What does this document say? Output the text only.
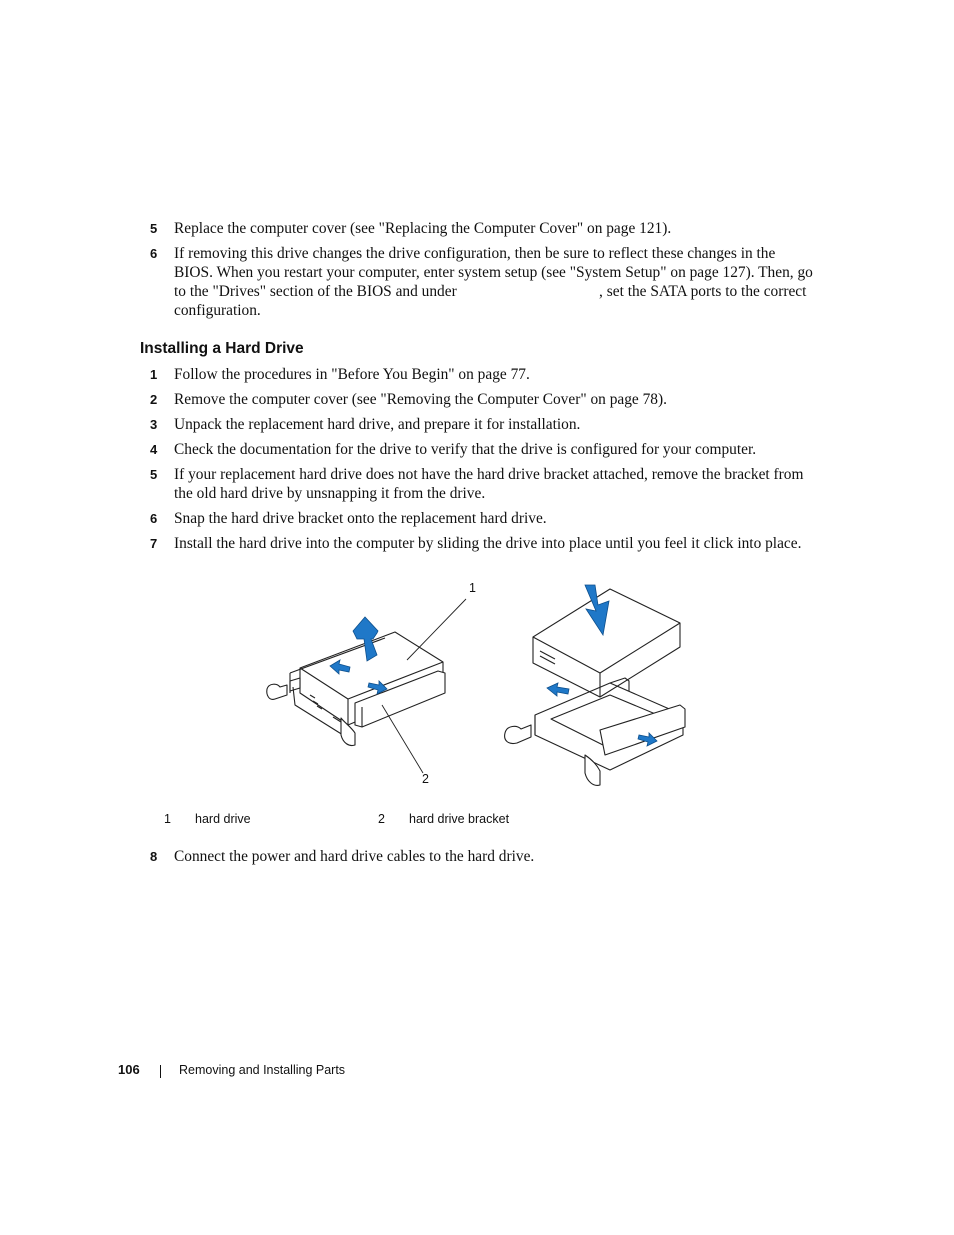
5 Replace the computer cover (see "Replacing the Computer Cover" on page 121).
6 If removing this drive changes the drive configuration, then be sure to reflect these changes in the BIOS. When you restart your computer, enter system setup (see "System Setup" on page 127). Then, go to the "Drives" section of the BIOS and under                                     , set the SATA ports to the correct configuration.
Installing a Hard Drive
1 Follow the procedures in "Before You Begin" on page 77.
2 Remove the computer cover (see "Removing the Computer Cover" on page 78).
3 Unpack the replacement hard drive, and prepare it for installation.
4 Check the documentation for the drive to verify that the drive is configured for your computer.
5 If your replacement hard drive does not have the hard drive bracket attached, remove the bracket from the old hard drive by unsnapping it from the drive.
6 Snap the hard drive bracket onto the replacement hard drive.
7 Install the hard drive into the computer by sliding the drive into place until you feel it click into place.
1
2
1 hard drive	2 hard drive bracket
8 Connect the power and hard drive cables to the hard drive.
106	Removing and Installing Parts
